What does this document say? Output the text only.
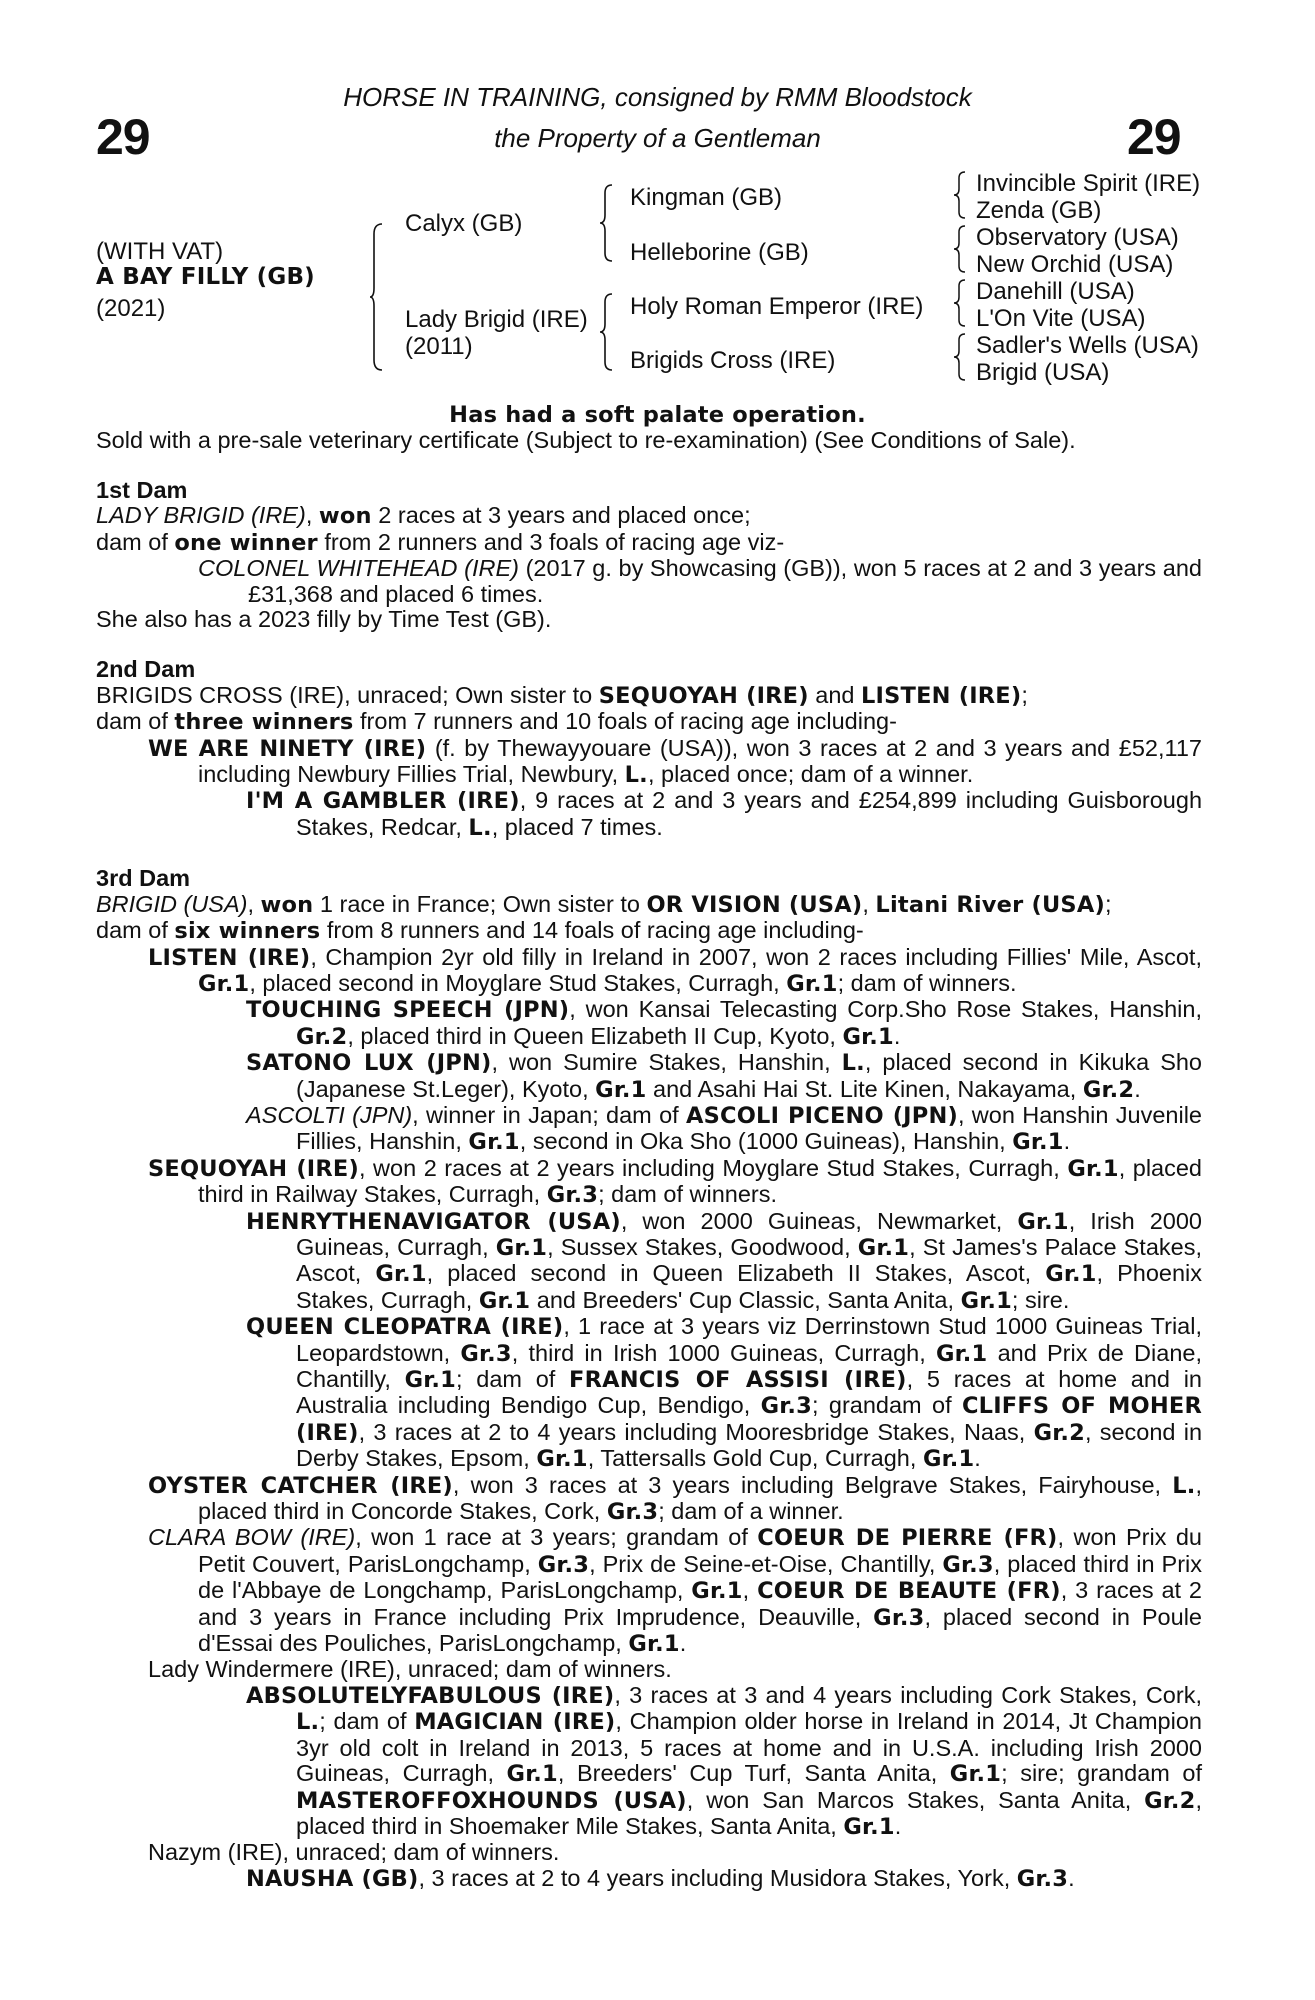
29	29
HORSE IN TRAINING, consigned by RMM Bloodstock
the Property of a Gentleman
(WITH VAT)
A BAY FILLY (GB)
(2021)
Calyx (GB)
Lady Brigid (IRE)
(2011)
Kingman (GB)
Helleborine (GB)
Holy Roman Emperor (IRE)
Brigids Cross (IRE)
Invincible Spirit (IRE)
Zenda (GB)
Observatory (USA)
New Orchid (USA)
Danehill (USA)
L'On Vite (USA)
Sadler's Wells (USA)
Brigid (USA)
Has had a soft palate operation.
Sold with a pre-sale veterinary certificate (Subject to re-examination) (See Conditions of Sale).

1st Dam

LADY BRIGID (IRE), won 2 races at 3 years and placed once;

dam of one winner from 2 runners and 3 foals of racing age viz-

COLONEL WHITEHEAD (IRE) (2017 g. by Showcasing (GB)), won 5 races at 2 and 3 years and £31,368 and placed 6 times.

She also has a 2023 filly by Time Test (GB).

2nd Dam

BRIGIDS CROSS (IRE), unraced; Own sister to SEQUOYAH (IRE) and LISTEN (IRE);

dam of three winners from 7 runners and 10 foals of racing age including-

WE ARE NINETY (IRE) (f. by Thewayyouare (USA)), won 3 races at 2 and 3 years and £52,117 including Newbury Fillies Trial, Newbury, L., placed once; dam of a winner.

I'M A GAMBLER (IRE), 9 races at 2 and 3 years and £254,899 including Guisborough Stakes, Redcar, L., placed 7 times.

3rd Dam

BRIGID (USA), won 1 race in France; Own sister to OR VISION (USA), Litani River (USA);

dam of six winners from 8 runners and 14 foals of racing age including-

LISTEN (IRE), Champion 2yr old filly in Ireland in 2007, won 2 races including Fillies' Mile, Ascot, Gr.1, placed second in Moyglare Stud Stakes, Curragh, Gr.1; dam of winners.

TOUCHING SPEECH (JPN), won Kansai Telecasting Corp.Sho Rose Stakes, Hanshin, Gr.2, placed third in Queen Elizabeth II Cup, Kyoto, Gr.1.

SATONO LUX (JPN), won Sumire Stakes, Hanshin, L., placed second in Kikuka Sho (Japanese St.Leger), Kyoto, Gr.1 and Asahi Hai St. Lite Kinen, Nakayama, Gr.2.

ASCOLTI (JPN), winner in Japan; dam of ASCOLI PICENO (JPN), won Hanshin Juvenile Fillies, Hanshin, Gr.1, second in Oka Sho (1000 Guineas), Hanshin, Gr.1.

SEQUOYAH (IRE), won 2 races at 2 years including Moyglare Stud Stakes, Curragh, Gr.1, placed third in Railway Stakes, Curragh, Gr.3; dam of winners.

HENRYTHENAVIGATOR (USA), won 2000 Guineas, Newmarket, Gr.1, Irish 2000 Guineas, Curragh, Gr.1, Sussex Stakes, Goodwood, Gr.1, St James's Palace Stakes, Ascot, Gr.1, placed second in Queen Elizabeth II Stakes, Ascot, Gr.1, Phoenix Stakes, Curragh, Gr.1 and Breeders' Cup Classic, Santa Anita, Gr.1; sire.

QUEEN CLEOPATRA (IRE), 1 race at 3 years viz Derrinstown Stud 1000 Guineas Trial, Leopardstown, Gr.3, third in Irish 1000 Guineas, Curragh, Gr.1 and Prix de Diane, Chantilly, Gr.1; dam of FRANCIS OF ASSISI (IRE), 5 races at home and in Australia including Bendigo Cup, Bendigo, Gr.3; grandam of CLIFFS OF MOHER (IRE), 3 races at 2 to 4 years including Mooresbridge Stakes, Naas, Gr.2, second in Derby Stakes, Epsom, Gr.1, Tattersalls Gold Cup, Curragh, Gr.1.

OYSTER CATCHER (IRE), won 3 races at 3 years including Belgrave Stakes, Fairyhouse, L., placed third in Concorde Stakes, Cork, Gr.3; dam of a winner.

CLARA BOW (IRE), won 1 race at 3 years; grandam of COEUR DE PIERRE (FR), won Prix du Petit Couvert, ParisLongchamp, Gr.3, Prix de Seine-et-Oise, Chantilly, Gr.3, placed third in Prix de l'Abbaye de Longchamp, ParisLongchamp, Gr.1, COEUR DE BEAUTE (FR), 3 races at 2 and 3 years in France including Prix Imprudence, Deauville, Gr.3, placed second in Poule d'Essai des Pouliches, ParisLongchamp, Gr.1.

Lady Windermere (IRE), unraced; dam of winners.

ABSOLUTELYFABULOUS (IRE), 3 races at 3 and 4 years including Cork Stakes, Cork, L.; dam of MAGICIAN (IRE), Champion older horse in Ireland in 2014, Jt Champion 3yr old colt in Ireland in 2013, 5 races at home and in U.S.A. including Irish 2000 Guineas, Curragh, Gr.1, Breeders' Cup Turf, Santa Anita, Gr.1; sire; grandam of MASTEROFFOXHOUNDS (USA), won San Marcos Stakes, Santa Anita, Gr.2, placed third in Shoemaker Mile Stakes, Santa Anita, Gr.1.

Nazym (IRE), unraced; dam of winners.

NAUSHA (GB), 3 races at 2 to 4 years including Musidora Stakes, York, Gr.3.
